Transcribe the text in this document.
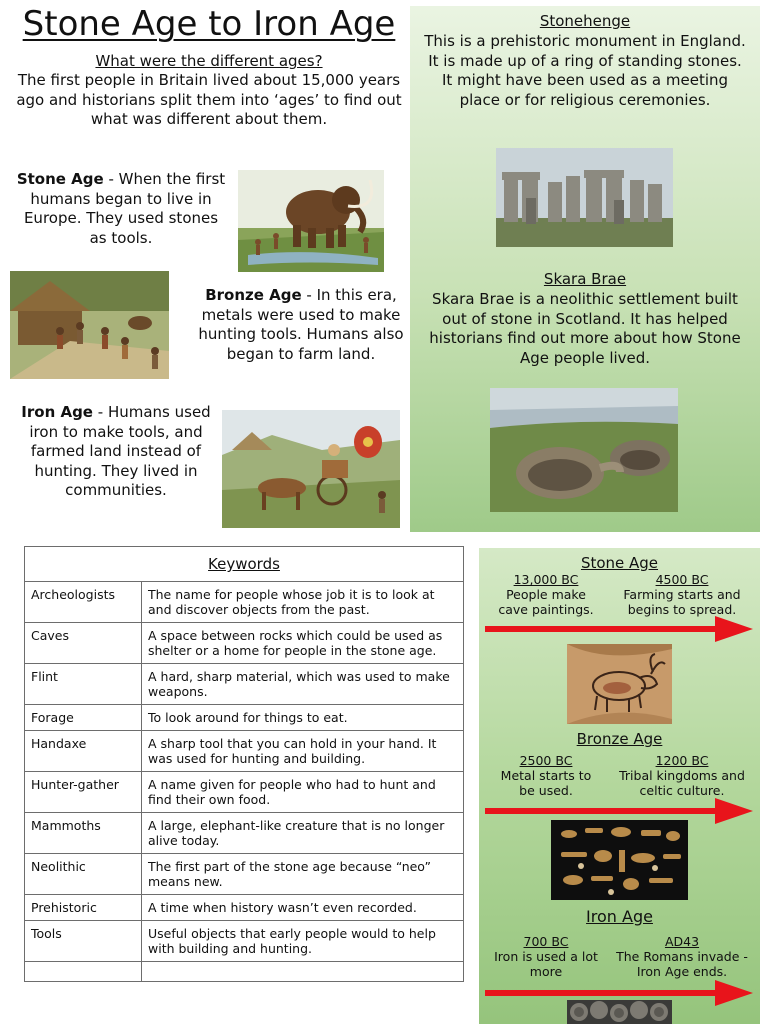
Stone Age to Iron Age
What were the different ages?

The first people in Britain lived about 15,000 years ago and historians split them into ‘ages’ to find out what was different about them.

Stone Age - When the first humans began to live in Europe. They used stones as tools.

Bronze Age - In this era, metals were used to make hunting tools. Humans also began to farm land.

Iron Age - Humans used iron to make tools, and farmed land instead of hunting. They lived in communities.

Stonehenge

This is a prehistoric monument in England. It is made up of a ring of standing stones. It might have been used as a meeting place or for religious ceremonies.

Skara Brae

Skara Brae is a neolithic settlement built out of stone in Scotland. It has helped historians find out more about how Stone Age people lived.

Keywords	
Archeologists	The name for people whose job it is to look at and discover objects from the past.
Caves	A space between rocks which could be used as shelter or a home for people in the stone age.
Flint	A hard, sharp material, which was used to make weapons.
Forage	To look around for things to eat.
Handaxe	A sharp tool that you can hold in your hand. It was used for hunting and building.
Hunter-gather	A name given for people who had to hunt and find their own food.
Mammoths	A large, elephant-like creature that is no longer alive today.
Neolithic	The first part of the stone age because “neo” means new.
Prehistoric	A time when history wasn’t even recorded.
Tools	Useful objects that early people would to help with building and hunting.

Stone Age
13,000 BC
People make cave paintings.
4500 BC
Farming starts and begins to spread.
Bronze Age
2500 BC
Metal starts to be used.
1200 BC
Tribal kingdoms and celtic culture.
Iron Age
700 BC
Iron is used a lot more
AD43
The Romans invade - Iron Age ends.
